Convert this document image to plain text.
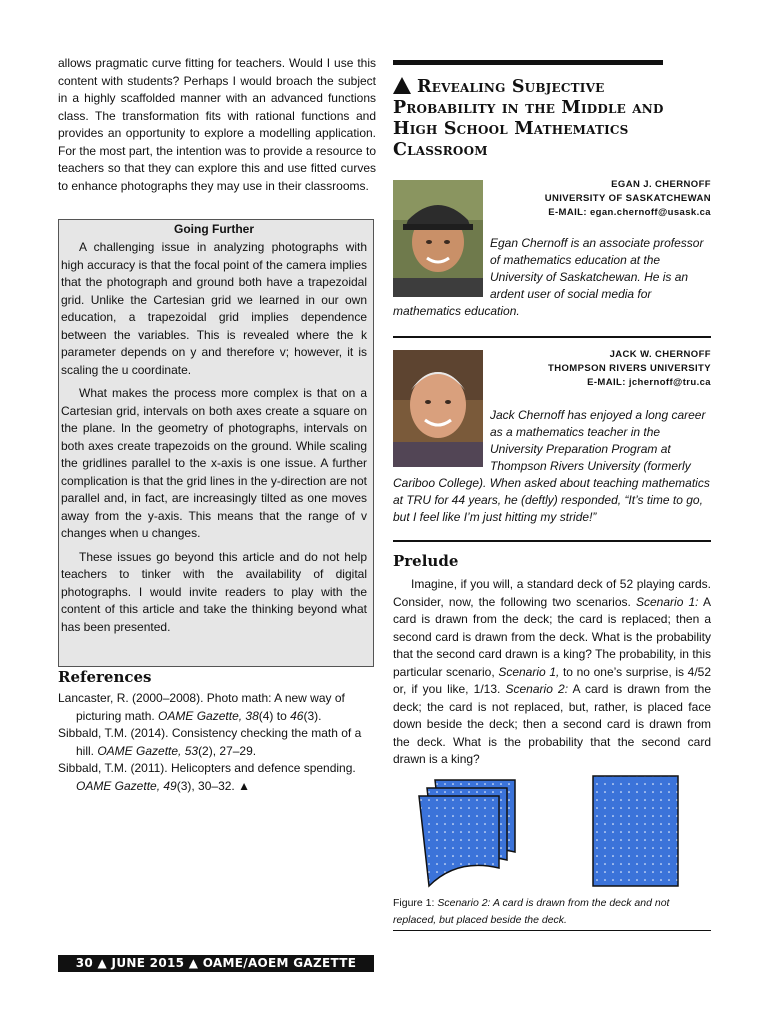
allows pragmatic curve fitting for teachers. Would I use this content with students? Perhaps I would broach the subject in a highly scaffolded manner with an advanced functions class. The transformation fits with rational functions and provides an opportunity to explore a modelling application. For the most part, the intention was to provide a resource to teachers so that they can explore this and use fitted curves to enhance photographs they may use in their classrooms.

Going Further

A challenging issue in analyzing photographs with high accuracy is that the focal point of the camera implies that the photograph and ground both have a trapezoidal grid. Unlike the Cartesian grid we learned in our own education, a trapezoidal grid implies dependence between the variables. This is revealed where the k parameter depends on y and therefore v; however, it is scaling the u coordinate.

What makes the process more complex is that on a Cartesian grid, intervals on both axes create a square on the plane. In the geometry of photographs, intervals on both axes create trapezoids on the ground. While scaling the gridlines parallel to the x-axis is one issue. A further complication is that the grid lines in the y-direction are not parallel and, in fact, are increasingly tilted as one moves away from the y-axis. This means that the range of v changes when u changes.

These issues go beyond this article and do not help teachers to tinker with the availability of digital photographs. I would invite readers to play with the content of this article and take the thinking beyond what has been presented.

References

Lancaster, R. (2000–2008). Photo math: A new way of picturing math. OAME Gazette, 38(4) to 46(3).

Sibbald, T.M. (2014). Consistency checking the math of a hill. OAME Gazette, 53(2), 27–29.

Sibbald, T.M. (2011). Helicopters and defence spending. OAME Gazette, 49(3), 30–32. ▲

Revealing Subjective Probability in the Middle and High School Mathematics Classroom
EGAN J. CHERNOFF
UNIVERSITY OF SASKATCHEWAN
E-MAIL: egan.chernoff@usask.ca
Egan Chernoff is an associate professor of mathematics education at the University of Saskatchewan. He is an ardent user of social media for mathematics education.
JACK W. CHERNOFF
THOMPSON RIVERS UNIVERSITY
E-MAIL: jchernoff@tru.ca
Jack Chernoff has enjoyed a long career as a mathematics teacher in the University Preparation Program at Thompson Rivers University (formerly Cariboo College). When asked about teaching mathematics at TRU for 44 years, he (deftly) responded, “It’s time to go, but I feel like I’m just hitting my stride!”
Prelude

Imagine, if you will, a standard deck of 52 playing cards. Consider, now, the following two scenarios. Scenario 1: A card is drawn from the deck; the card is replaced; then a second card is drawn from the deck. What is the probability that the second card drawn is a king? The probability, in this particular scenario, Scenario 1, to no one’s surprise, is 4/52 or, if you like, 1/13. Scenario 2: A card is drawn from the deck; the card is not replaced, but, rather, is placed face down beside the deck; then a second card is drawn from the deck. What is the probability that the second card drawn is a king?

Figure 1: Scenario 2: A card is drawn from the deck and not replaced, but placed beside the deck.
30 ▲ JUNE 2015 ▲ OAME/AOEM GAZETTE
